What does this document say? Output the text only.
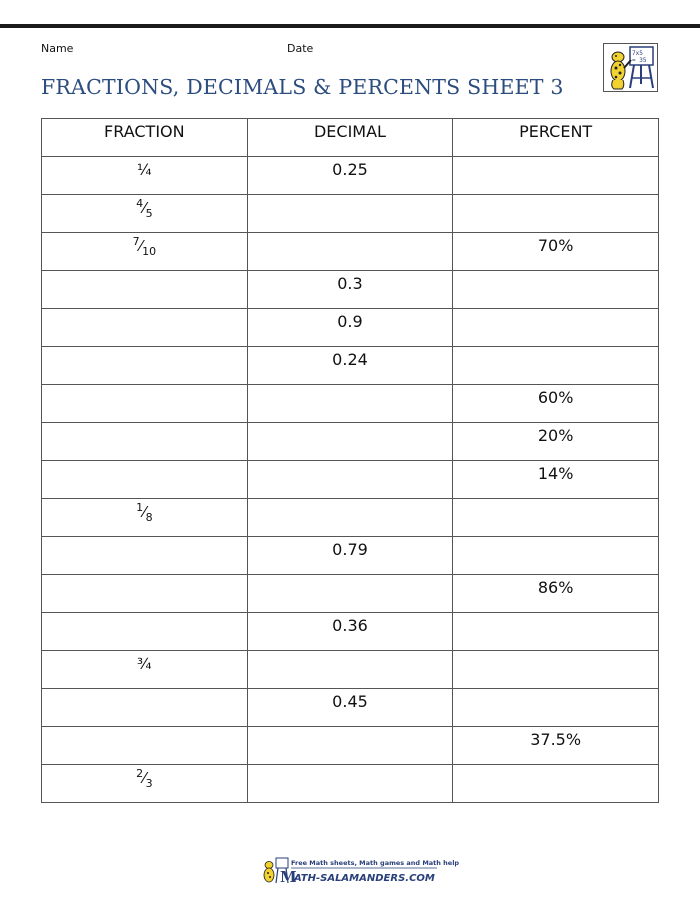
Name	Date
FRACTIONS, DECIMALS & PERCENTS SHEET 3
7x5
= 35
FRACTION	DECIMAL	PERCENT
¼	0.25	
$^4⁄_5$		
$^7⁄_{10}$		70%
	0.3	
	0.9	
	0.24	
		60%
		20%
		14%
$^1⁄_8$		
	0.79	
		86%
	0.36	
¾		
	0.45	
		37.5%
$^2⁄_3$		
Free Math sheets, Math games and Math help
M
ATH-SALAMANDERS.COM
